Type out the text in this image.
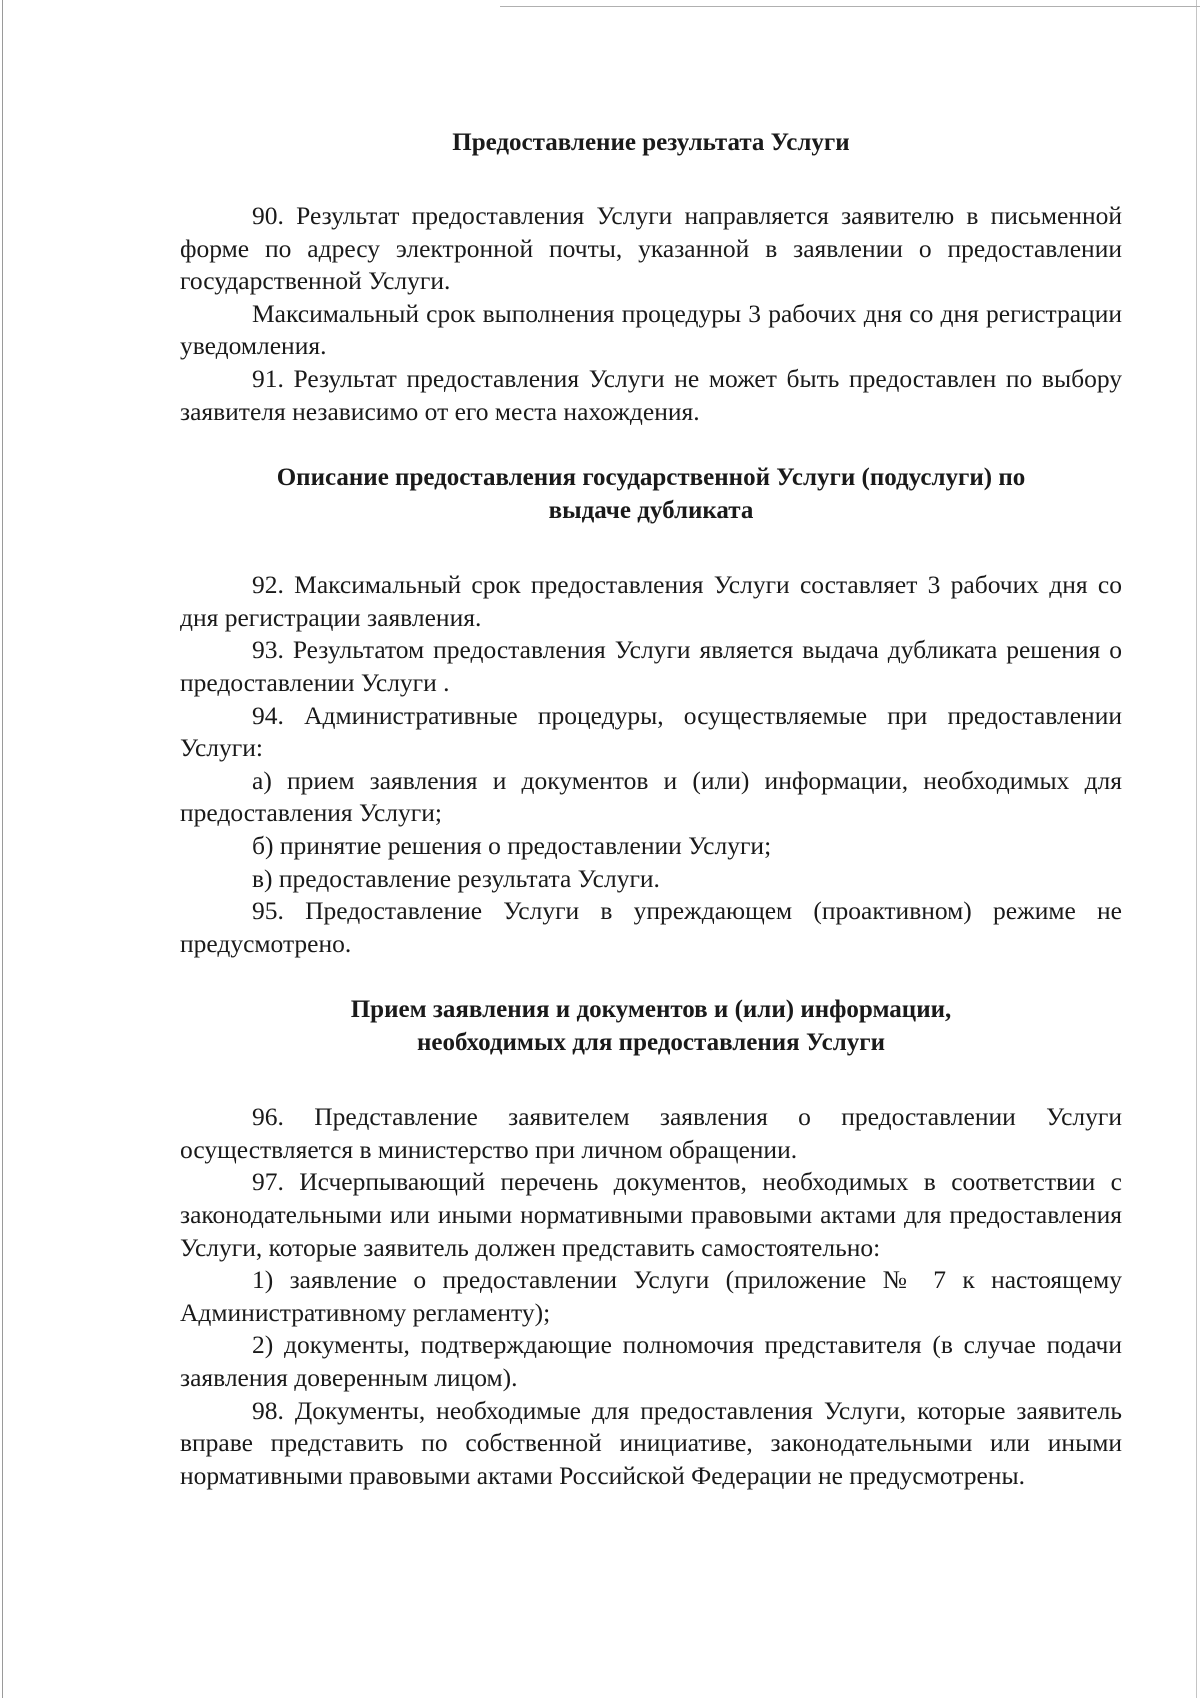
Предоставление результата Услуги

90. Результат предоставления Услуги направляется заявителю в письменной форме по адресу электронной почты, указанной в заявлении о предоставлении государственной Услуги.

Максимальный срок выполнения процедуры 3 рабочих дня со дня регистрации уведомления.

91. Результат предоставления Услуги не может быть предоставлен по выбору заявителя независимо от его места нахождения.

Описание предоставления государственной Услуги (подуслуги) по
выдаче дубликата

92. Максимальный срок предоставления Услуги составляет 3 рабочих дня со дня регистрации заявления.

93. Результатом предоставления Услуги является выдача дубликата решения о предоставлении Услуги .

94. Административные процедуры, осуществляемые при предоставлении Услуги:

а) прием заявления и документов и (или) информации, необходимых для предоставления Услуги;

б) принятие решения о предоставлении Услуги;

в) предоставление результата Услуги.

95. Предоставление Услуги в упреждающем (проактивном) режиме не предусмотрено.

Прием заявления и документов и (или) информации,
необходимых для предоставления Услуги

96. Представление заявителем заявления о предоставлении Услуги осуществляется в министерство при личном обращении.

97. Исчерпывающий перечень документов, необходимых в соответствии с законодательными или иными нормативными правовыми актами для предоставления Услуги, которые заявитель должен представить самостоятельно:

1) заявление о предоставлении Услуги (приложение № 7 к настоящему Административному регламенту);

2) документы, подтверждающие полномочия представителя (в случае подачи заявления доверенным лицом).

98. Документы, необходимые для предоставления Услуги, которые заявитель вправе представить по собственной инициативе, законодательными или иными нормативными правовыми актами Российской Федерации не предусмотрены.
